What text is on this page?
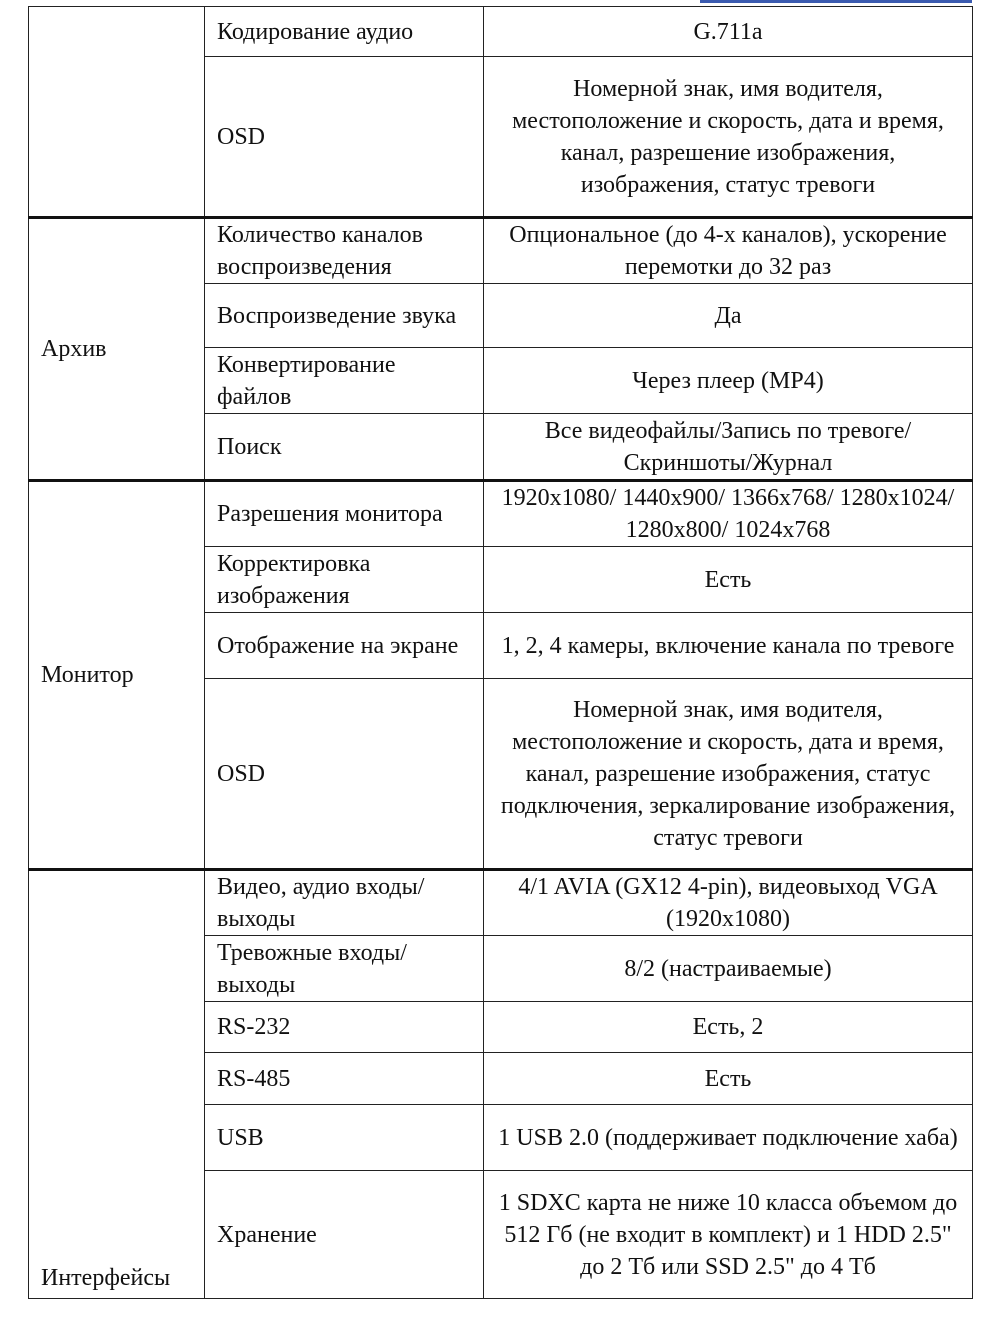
	Кодирование аудио	G.711a
	OSD	Номерной знак, имя водителя, местоположение и скорость, дата и время, канал, разрешение изображения, изображения, статус тревоги
Архив	Количество каналов воспроизведения	Опциональное (до 4-х каналов), ускорение перемотки до 32 раз
	Воспроизведение звука	Да
	Конвертирование файлов	Через плеер (MP4)
	Поиск	Все видеофайлы/Запись по тревоге/Скриншоты/Журнал
Монитор	Разрешения монитора	1920x1080/ 1440x900/ 1366x768/ 1280x1024/ 1280x800/ 1024x768
	Корректировка изображения	Есть
	Отображение на экране	1, 2, 4 камеры, включение канала по тревоге
	OSD	Номерной знак, имя водителя, местоположение и скорость, дата и время, канал, разрешение изображения, статус подключения, зеркалирование изображения, статус тревоги
Интерфейсы	Видео, аудио входы/выходы	4/1 AVIA (GX12 4-pin), видеовыход VGA (1920x1080)
	Тревожные входы/выходы	8/2 (настраиваемые)
	RS-232	Есть, 2
	RS-485	Есть
	USB	1 USB 2.0 (поддерживает подключение хаба)
	Хранение	1 SDXC карта не ниже 10 класса объемом до 512 Гб (не входит в комплект) и 1 HDD 2.5" до 2 Тб или SSD 2.5" до 4 Тб
